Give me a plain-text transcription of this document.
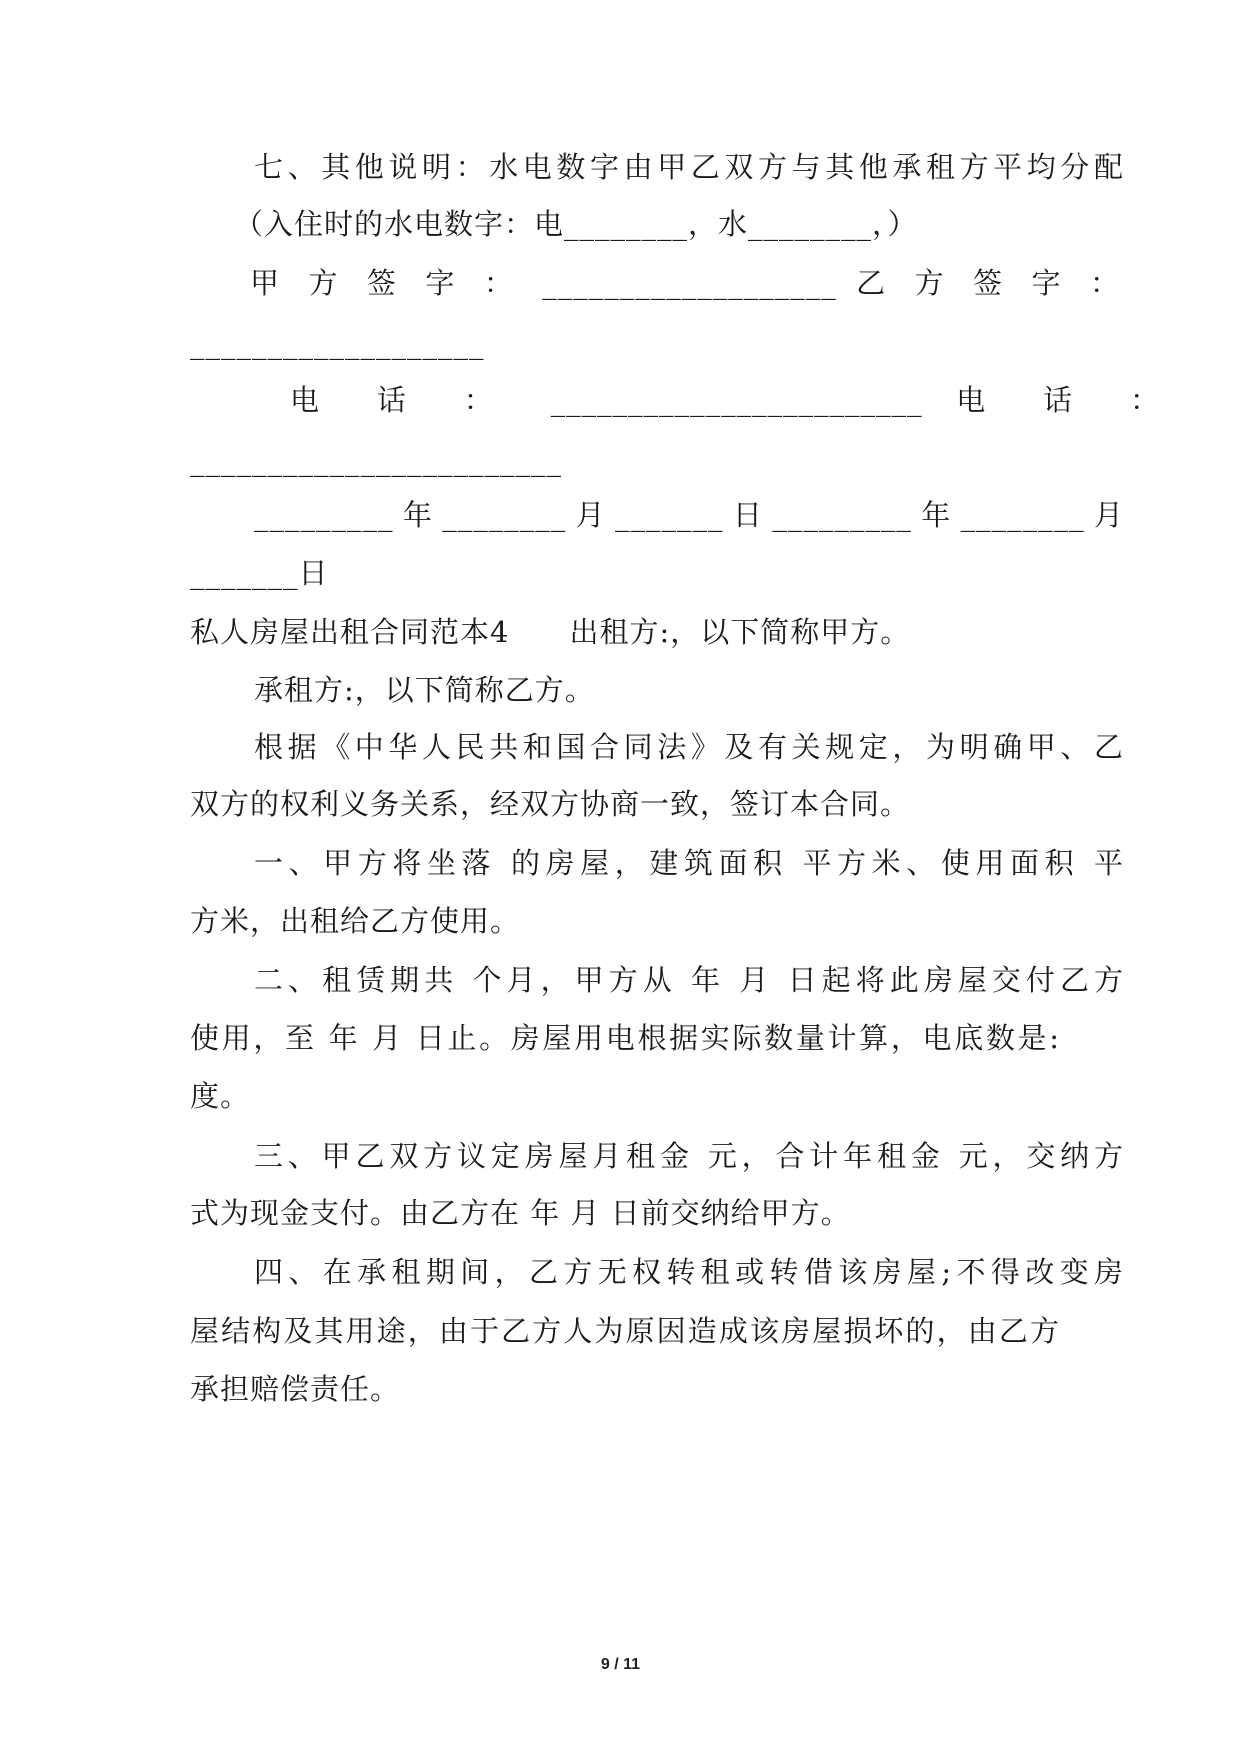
七、其他说明：水电数字由甲乙双方与其他承租方平均分配
（入住时的水电数字：电________，水________，）
甲 方 签 字 ： ___________________ 乙 方 签 字 ：
___________________
电 话 ： ________________________ 电 话 ：
________________________
_________年________月_______日_________年________月
_______日
私人房屋出租合同范本4　　出租方:，以下简称甲方。
承租方:，以下简称乙方。
根据《中华人民共和国合同法》及有关规定，为明确甲、乙
双方的权利义务关系，经双方协商一致，签订本合同。
一、甲方将坐落 的房屋，建筑面积 平方米、使用面积 平
方米，出租给乙方使用。
二、租赁期共 个月，甲方从 年 月 日起将此房屋交付乙方
使用，至 年 月 日止。房屋用电根据实际数量计算，电底数是:
度。
三、甲乙双方议定房屋月租金 元，合计年租金 元，交纳方
式为现金支付。由乙方在 年 月 日前交纳给甲方。
四、在承租期间，乙方无权转租或转借该房屋;不得改变房
屋结构及其用途，由于乙方人为原因造成该房屋损坏的，由乙方
承担赔偿责任。
9 / 11
